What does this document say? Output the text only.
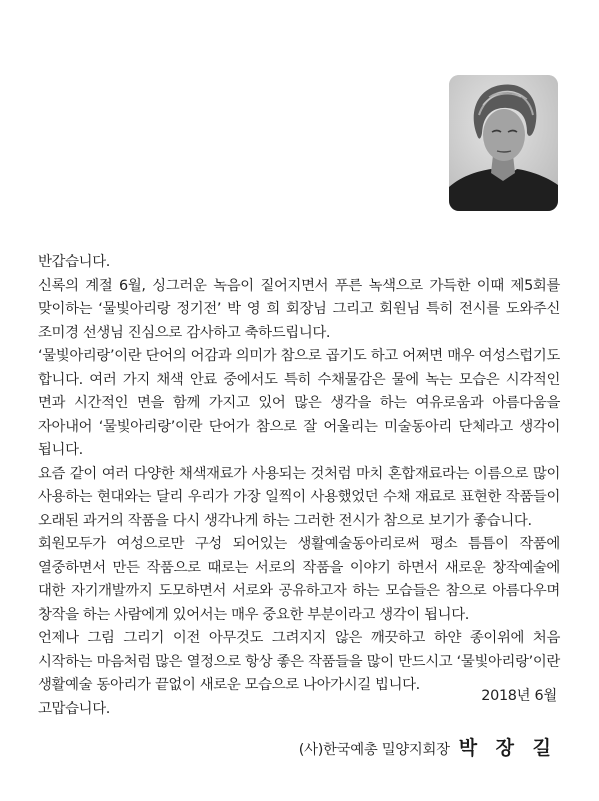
반갑습니다.

신록의 계절 6월, 싱그러운 녹음이 짙어지면서 푸른 녹색으로 가득한 이때 제5회를 맞이하는 ‘물빛아리랑 정기전’ 박 영 희 회장님 그리고 회원님 특히 전시를 도와주신 조미경 선생님 진심으로 감사하고 축하드립니다.

‘물빛아리랑’이란 단어의 어감과 의미가 참으로 곱기도 하고 어쩌면 매우 여성스럽기도 합니다. 여러 가지 채색 안료 중에서도 특히 수채물감은 물에 녹는 모습은 시각적인 면과 시간적인 면을 함께 가지고 있어 많은 생각을 하는 여유로움과 아름다움을 자아내어 ‘물빛아리랑’이란 단어가 참으로 잘 어울리는 미술동아리 단체라고 생각이 됩니다.

요즘 같이 여러 다양한 채색재료가 사용되는 것처럼 마치 혼합재료라는 이름으로 많이 사용하는 현대와는 달리 우리가 가장 일찍이 사용했었던 수채 재료로 표현한 작품들이 오래된 과거의 작품을 다시 생각나게 하는 그러한 전시가 참으로 보기가 좋습니다.

회원모두가 여성으로만 구성 되어있는 생활예술동아리로써 평소 틈틈이 작품에 열중하면서 만든 작품으로 때로는 서로의 작품을 이야기 하면서 새로운 창작예술에 대한 자기개발까지 도모하면서 서로와 공유하고자 하는 모습들은 참으로 아름다우며 창작을 하는 사람에게 있어서는 매우 중요한 부분이라고 생각이 됩니다.

언제나 그림 그리기 이전 아무것도 그려지지 않은 깨끗하고 하얀 종이위에 처음 시작하는 마음처럼 많은 열정으로 항상 좋은 작품들을 많이 만드시고 ‘물빛아리랑’이란 생활예술 동아리가 끝없이 새로운 모습으로 나아가시길 빕니다.

고맙습니다.

2018년 6월
(사)한국예총 밀양지회장 박 장 길
